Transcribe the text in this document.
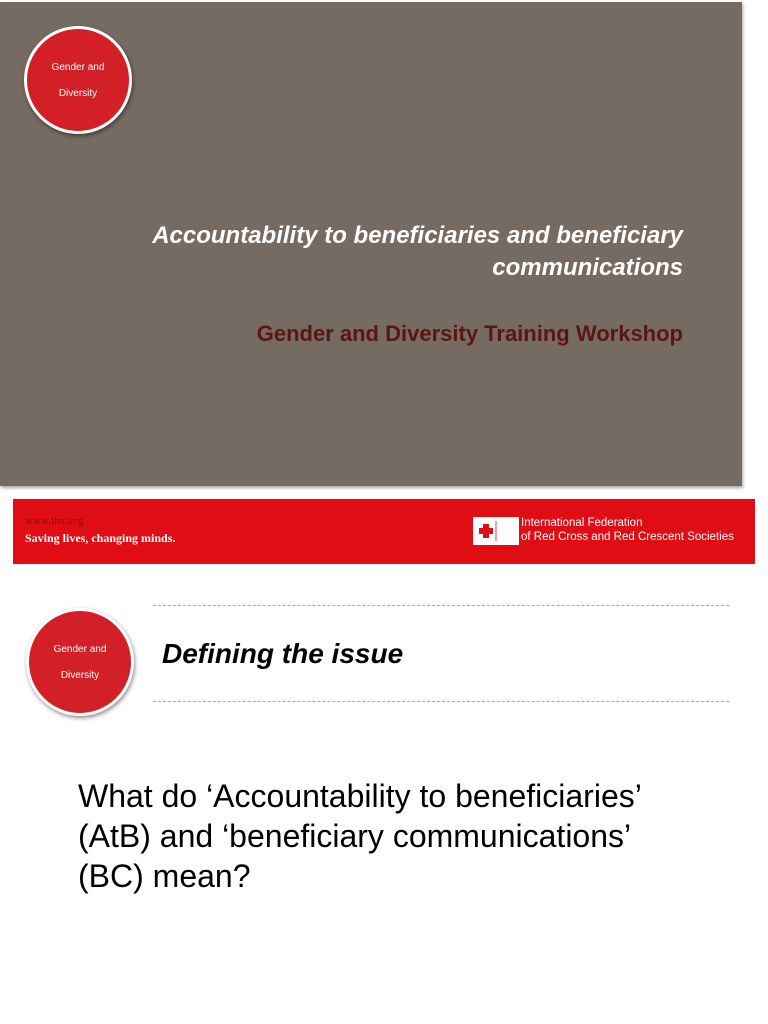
Gender and

Diversity
Accountability to beneficiaries and beneficiary
communications
Gender and Diversity Training Workshop
www.ifrc.org
Saving lives, changing minds.
International Federation
of Red Cross and Red Crescent Societies
Gender and

Diversity
Defining the issue
What do ‘Accountability to beneficiaries’
(AtB) and ‘beneficiary communications’
(BC) mean?
